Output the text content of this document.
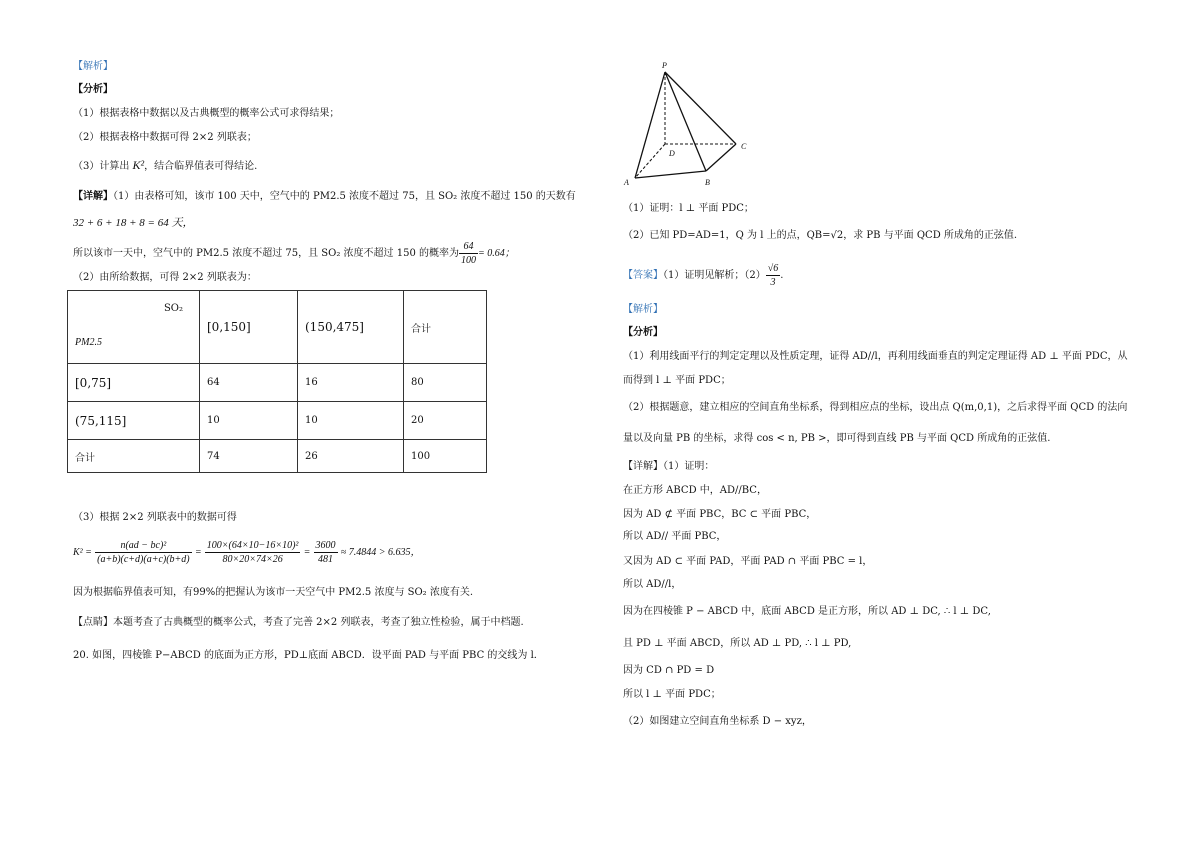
【解析】
【分析】
（1）根据表格中数据以及古典概型的概率公式可求得结果；
（2）根据表格中数据可得 2×2 列联表；
（3）计算出 K²，结合临界值表可得结论.
【详解】（1）由表格可知，该市 100 天中，空气中的 PM2.5 浓度不超过 75，且 SO₂ 浓度不超过 150 的天数有
32 + 6 + 18 + 8 = 64 天，
所以该市一天中，空气中的 PM2.5 浓度不超过 75，且 SO₂ 浓度不超过 150 的概率为 $\frac{64}{100} = 0.64$；
（2）由所给数据，可得 2×2 列联表为：
SO₂
PM2.5	[0,150]	(150,475]	合计
[0,75]	64	16	80
(75,115]	10	10	20
合计	74	26	100
（3）根据 2×2 列联表中的数据可得
$K^2 = \frac{\text{n(ad − bc)²}}{(a+b)(c+d)(a+c)(b+d)} = \frac{\text{100×(64×10−16×10)²}}{80\times 20\times 74\times 26} = \frac{3600}{481} \approx 7.4844 > 6.635$，
因为根据临界值表可知，有99%的把握认为该市一天空气中 PM2.5 浓度与 SO₂ 浓度有关.
【点睛】本题考查了古典概型的概率公式，考查了完善 2×2 列联表，考查了独立性检验，属于中档题.
20. 如图，四棱锥 P−ABCD 的底面为正方形，PD⊥底面 ABCD．设平面 PAD 与平面 PBC 的交线为 l．
P
A	B
C
D
（1）证明：l ⊥ 平面 PDC；
（2）已知 PD=AD=1，Q 为 l 上的点，QB=√2，求 PB 与平面 QCD 所成角的正弦值.
【答案】（1）证明见解析；$(2) \frac{√6}{3}$ .
【解析】
【分析】
（1）利用线面平行的判定定理以及性质定理，证得 AD//l，再利用线面垂直的判定定理证得 AD ⊥ 平面 PDC，从
而得到 l ⊥ 平面 PDC；
（2）根据题意，建立相应的空间直角坐标系，得到相应点的坐标，设出点 Q(m,0,1)，之后求得平面 QCD 的法向
量以及向量 PB 的坐标，求得 cos < n, PB >，即可得到直线 PB 与平面 QCD 所成角的正弦值.
【详解】（1）证明：
在正方形 ABCD 中，AD//BC，
因为 AD ⊄ 平面 PBC，BC ⊂ 平面 PBC，
所以 AD// 平面 PBC，
又因为 AD ⊂ 平面 PAD，平面 PAD ∩ 平面 PBC = l，
所以 AD//l，
因为在四棱锥 P − ABCD 中，底面 ABCD 是正方形，所以 AD ⊥ DC, ∴ l ⊥ DC,
且 PD ⊥ 平面 ABCD，所以 AD ⊥ PD, ∴ l ⊥ PD,
因为 CD ∩ PD = D
所以 l ⊥ 平面 PDC；
（2）如图建立空间直角坐标系 D − xyz，
